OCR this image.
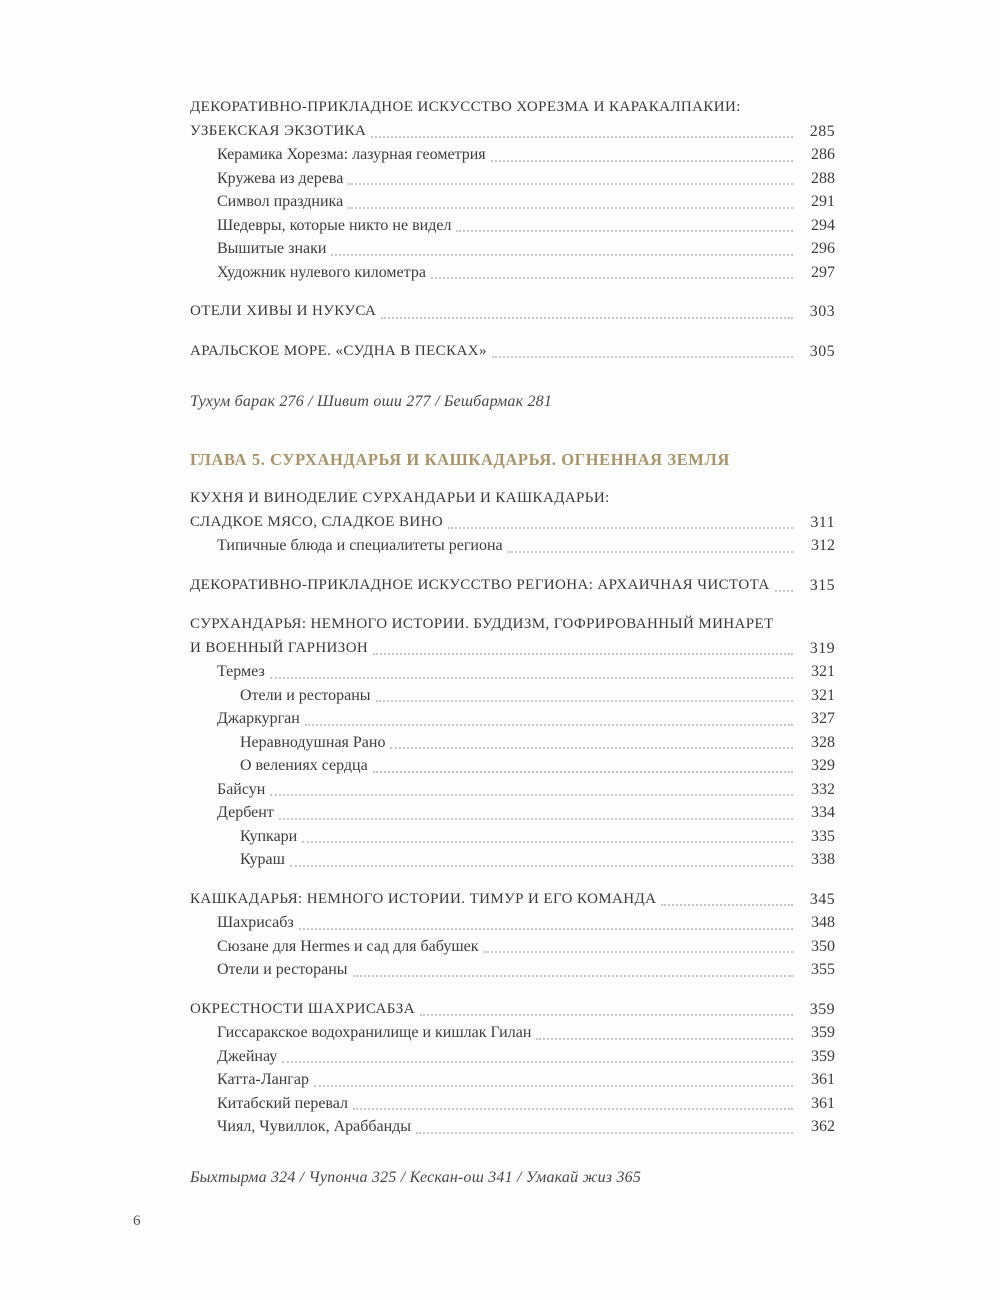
ДЕКОРАТИВНО-ПРИКЛАДНОЕ ИСКУССТВО ХОРЕЗМА И КАРАКАЛПАКИИ:
УЗБЕКСКАЯ ЭКЗОТИКА	285
Керамика Хорезма: лазурная геометрия	286
Кружева из дерева	288
Символ праздника	291
Шедевры, которые никто не видел	294
Вышитые знаки	296
Художник нулевого километра	297
ОТЕЛИ ХИВЫ И НУКУСА	303
АРАЛЬСКОЕ МОРЕ. «СУДНА В ПЕСКАХ»	305
Тухум барак 276 / Шивит оши 277 / Бешбармак 281
ГЛАВА 5. СУРХАНДАРЬЯ И КАШКАДАРЬЯ. ОГНЕННАЯ ЗЕМЛЯ
КУХНЯ И ВИНОДЕЛИЕ СУРХАНДАРЬИ И КАШКАДАРЬИ:
СЛАДКОЕ МЯСО, СЛАДКОЕ ВИНО	311
Типичные блюда и специалитеты региона	312
ДЕКОРАТИВНО-ПРИКЛАДНОЕ ИСКУССТВО РЕГИОНА: АРХАИЧНАЯ ЧИСТОТА	315
СУРХАНДАРЬЯ: НЕМНОГО ИСТОРИИ. БУДДИЗМ, ГОФРИРОВАННЫЙ МИНАРЕТ
И ВОЕННЫЙ ГАРНИЗОН	319
Термез	321
Отели и рестораны	321
Джаркурган	327
Неравнодушная Рано	328
О велениях сердца	329
Байсун	332
Дербент	334
Купкари	335
Кураш	338
КАШКАДАРЬЯ: НЕМНОГО ИСТОРИИ. ТИМУР И ЕГО КОМАНДА	345
Шахрисабз	348
Сюзане для Hermes и сад для бабушек	350
Отели и рестораны	355
ОКРЕСТНОСТИ ШАХРИСАБЗА	359
Гиссаракское водохранилище и кишлак Гилан	359
Джейнау	359
Катта-Лангар	361
Китабский перевал	361
Чиял, Чувиллок, Араббанды	362
Быхтырма 324 / Чупонча 325 / Кескан-ош 341 / Умакай жиз 365
6
